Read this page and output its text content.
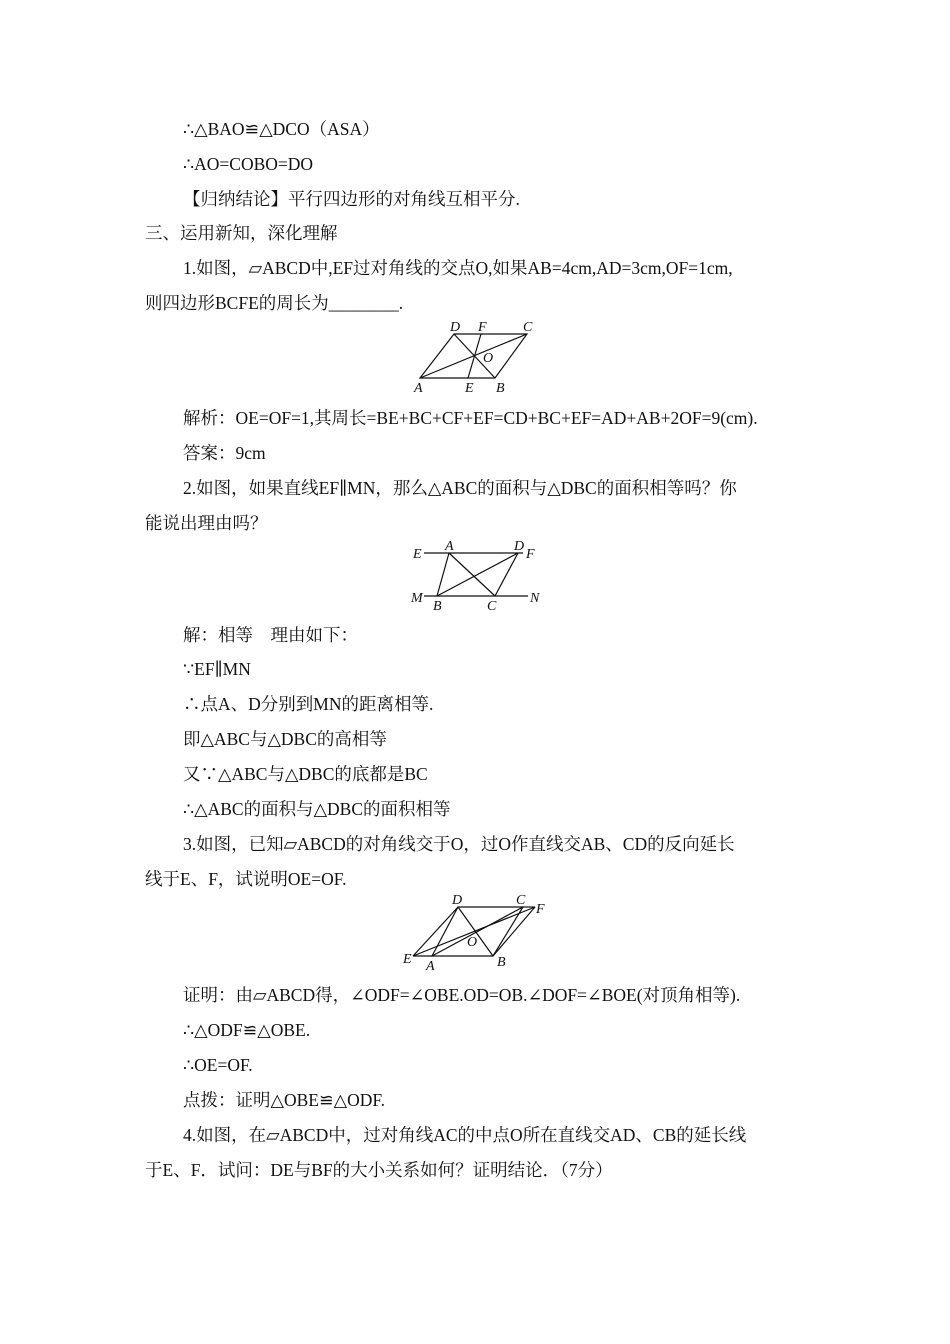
∴△BAO≌△DCO（ASA）
∴AO=COBO=DO
【归纳结论】平行四边形的对角线互相平分.
三、运用新知，深化理解
1.如图，▱ABCD中,EF过对角线的交点O,如果AB=4cm,AD=3cm,OF=1cm,
则四边形BCFE的周长为________.
D F	C
O
A	E B
解析：OE=OF=1,其周长=BE+BC+CF+EF=CD+BC+EF=AD+AB+2OF=9(cm).
答案：9cm
2.如图，如果直线EF∥MN，那么△ABC的面积与△DBC的面积相等吗？你
能说出理由吗？
E
A	D
F
M
B	C
N
解：相等　理由如下：
∵EF∥MN
∴点A、D分别到MN的距离相等.
即△ABC与△DBC的高相等
又∵△ABC与△DBC的底都是BC
∴△ABC的面积与△DBC的面积相等
3.如图，已知▱ABCD的对角线交于O，过O作直线交AB、CD的反向延长
线于E、F，试说明OE=OF.
D	C
F
O
E A	B
证明：由▱ABCD得，∠ODF=∠OBE.OD=OB.∠DOF=∠BOE(对顶角相等).
∴△ODF≌△OBE.
∴OE=OF.
点拨：证明△OBE≌△ODF.
4.如图，在▱ABCD中，过对角线AC的中点O所在直线交AD、CB的延长线
于E、F．试问：DE与BF的大小关系如何？证明结论．（7分）
